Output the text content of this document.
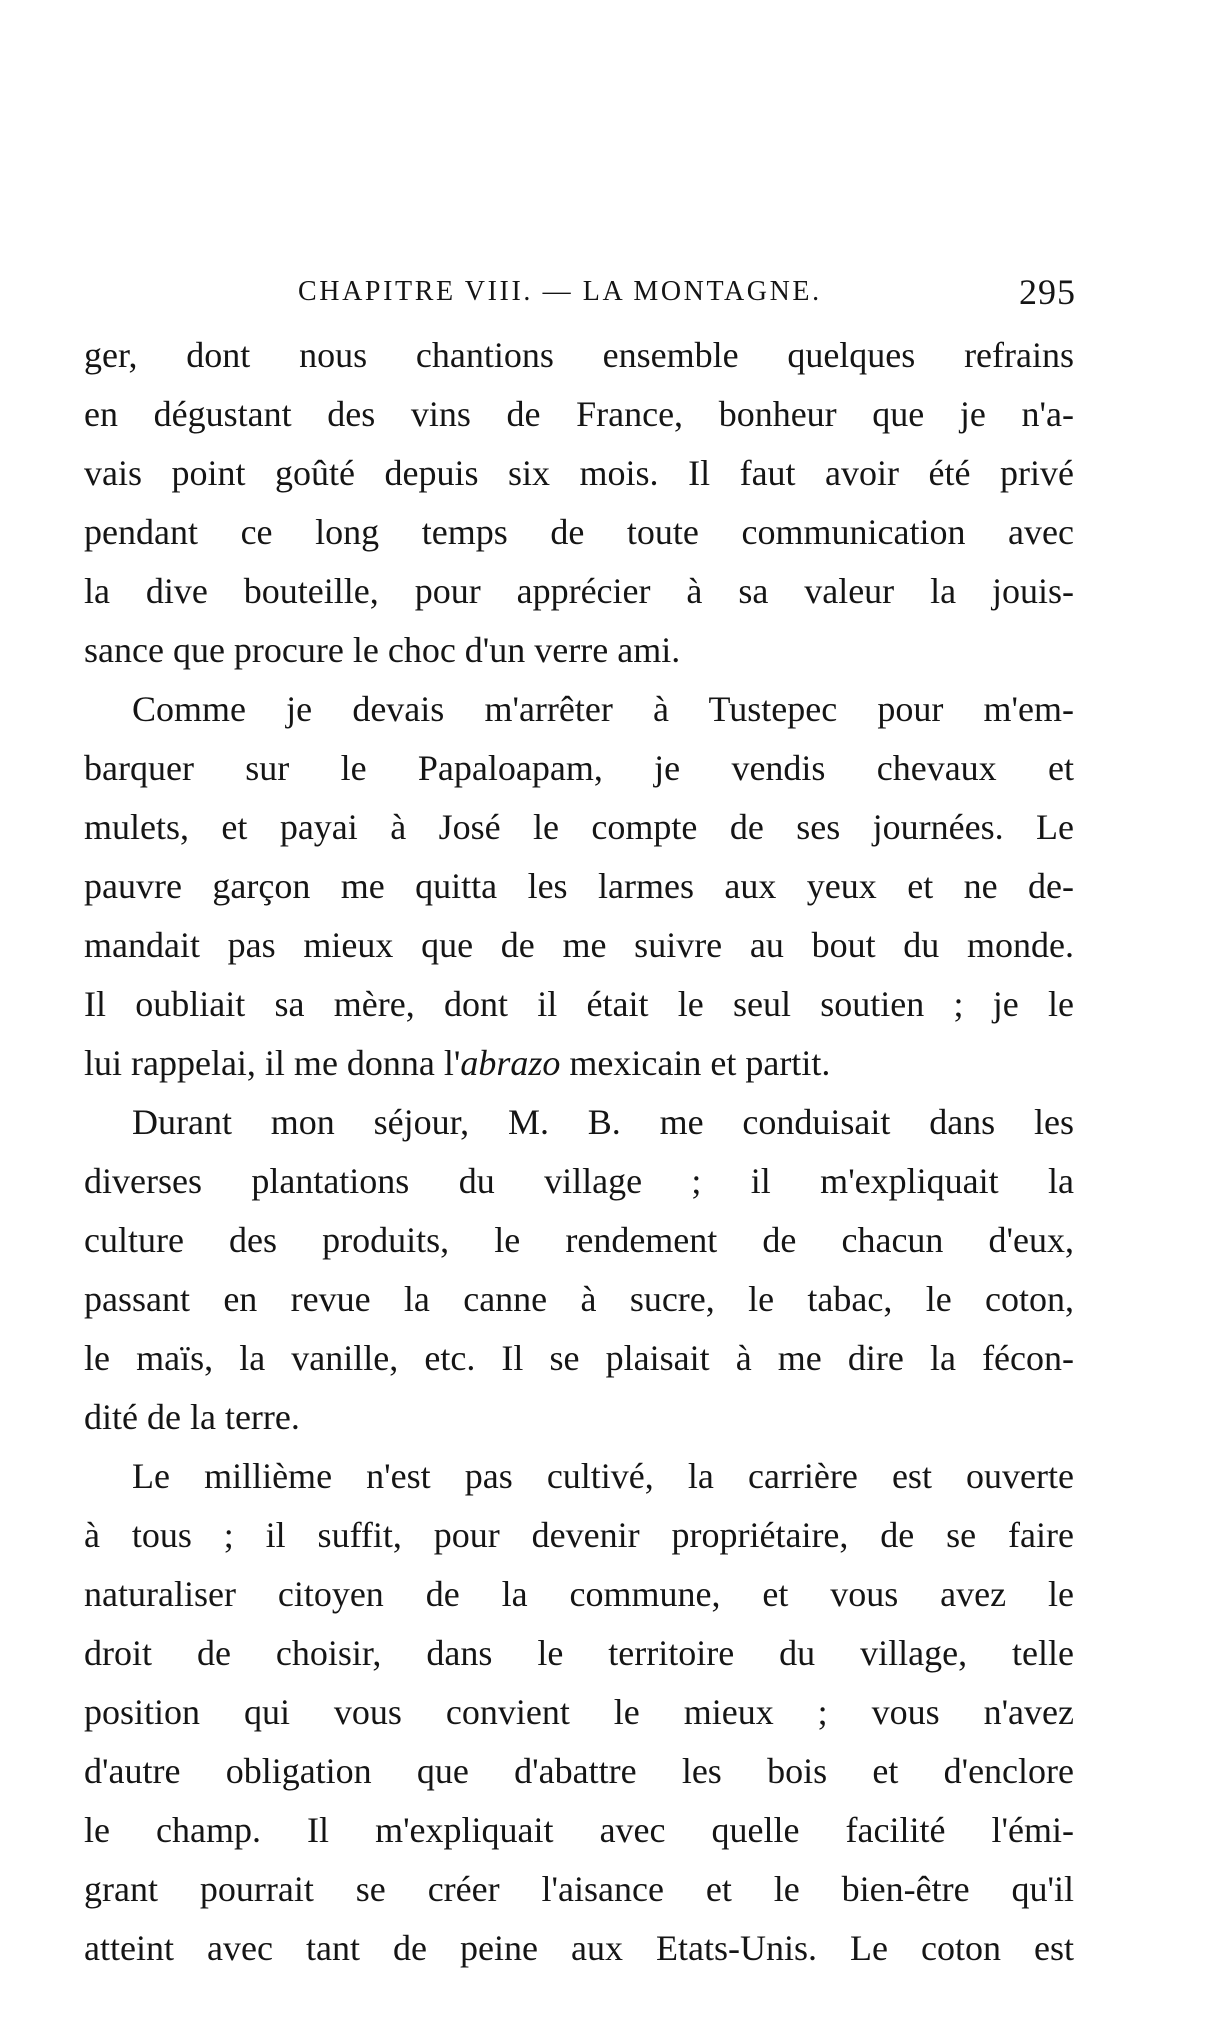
CHAPITRE VIII. — LA MONTAGNE.	295
ger, dont nous chantions ensemble quelques refrains
en dégustant des vins de France, bonheur que je n'a-
vais point goûté depuis six mois. Il faut avoir été privé
pendant ce long temps de toute communication avec
la dive bouteille, pour apprécier à sa valeur la jouis-
sance que procure le choc d'un verre ami.
Comme je devais m'arrêter à Tustepec pour m'em-
barquer sur le Papaloapam, je vendis chevaux et
mulets, et payai à José le compte de ses journées. Le
pauvre garçon me quitta les larmes aux yeux et ne de-
mandait pas mieux que de me suivre au bout du monde.
Il oubliait sa mère, dont il était le seul soutien ; je le
lui rappelai, il me donna l'abrazo mexicain et partit.
Durant mon séjour, M. B. me conduisait dans les
diverses plantations du village ; il m'expliquait la
culture des produits, le rendement de chacun d'eux,
passant en revue la canne à sucre, le tabac, le coton,
le maïs, la vanille, etc. Il se plaisait à me dire la fécon-
dité de la terre.
Le millième n'est pas cultivé, la carrière est ouverte
à tous ; il suffit, pour devenir propriétaire, de se faire
naturaliser citoyen de la commune, et vous avez le
droit de choisir, dans le territoire du village, telle
position qui vous convient le mieux ; vous n'avez
d'autre obligation que d'abattre les bois et d'enclore
le champ. Il m'expliquait avec quelle facilité l'émi-
grant pourrait se créer l'aisance et le bien-être qu'il
atteint avec tant de peine aux Etats-Unis. Le coton est
